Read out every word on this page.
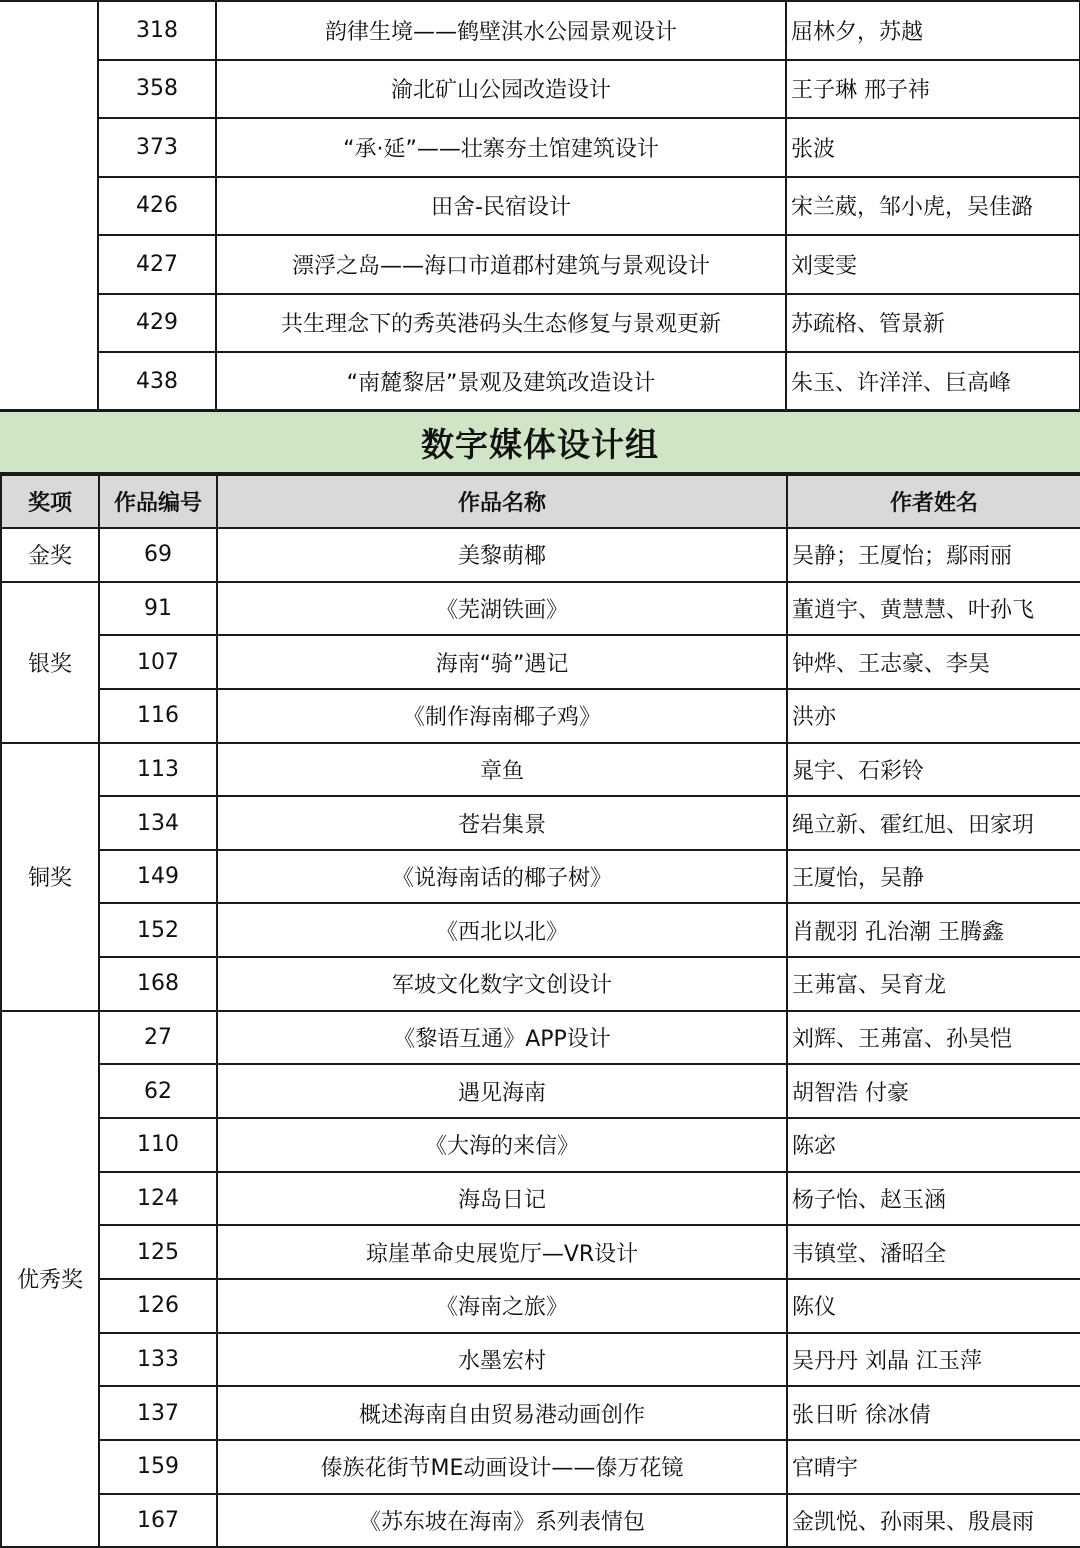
	318	韵律生境——鹤壁淇水公园景观设计	屈林夕，苏越
	358	渝北矿山公园改造设计	王子琳 邢子祎
	373	“承·延”——壮寨夯土馆建筑设计	张波
	426	田舍-民宿设计	宋兰葳，邹小虎，吴佳潞
	427	漂浮之岛——海口市道郡村建筑与景观设计	刘雯雯
	429	共生理念下的秀英港码头生态修复与景观更新	苏疏格、管景新
	438	“南麓黎居”景观及建筑改造设计	朱玉、许洋洋、巨高峰
数字媒体设计组
奖项	作品编号	作品名称	作者姓名
金奖	69	美黎萌椰	吴静；王厦怡；鄢雨丽
银奖	91	《芜湖铁画》	董逍宇、黄慧慧、叶孙飞
	107	海南“骑”遇记	钟烨、王志豪、李昊
	116	《制作海南椰子鸡》	洪亦
铜奖	113	章鱼	晁宇、石彩铃
	134	苍岩集景	绳立新、霍红旭、田家玥
	149	《说海南话的椰子树》	王厦怡，吴静
	152	《西北以北》	肖靓羽 孔治潮 王腾鑫
	168	军坡文化数字文创设计	王茀富、吴育龙
优秀奖	27	《黎语互通》APP设计	刘辉、王茀富、孙昊恺
	62	遇见海南	胡智浩 付豪
	110	《大海的来信》	陈宓
	124	海岛日记	杨子怡、赵玉涵
	125	琼崖革命史展览厅—VR设计	韦镇堂、潘昭全
	126	《海南之旅》	陈仪
	133	水墨宏村	吴丹丹 刘晶 江玉萍
	137	概述海南自由贸易港动画创作	张日昕 徐冰倩
	159	傣族花街节ME动画设计——傣万花镜	官晴宇
	167	《苏东坡在海南》系列表情包	金凯悦、孙雨果、殷晨雨
